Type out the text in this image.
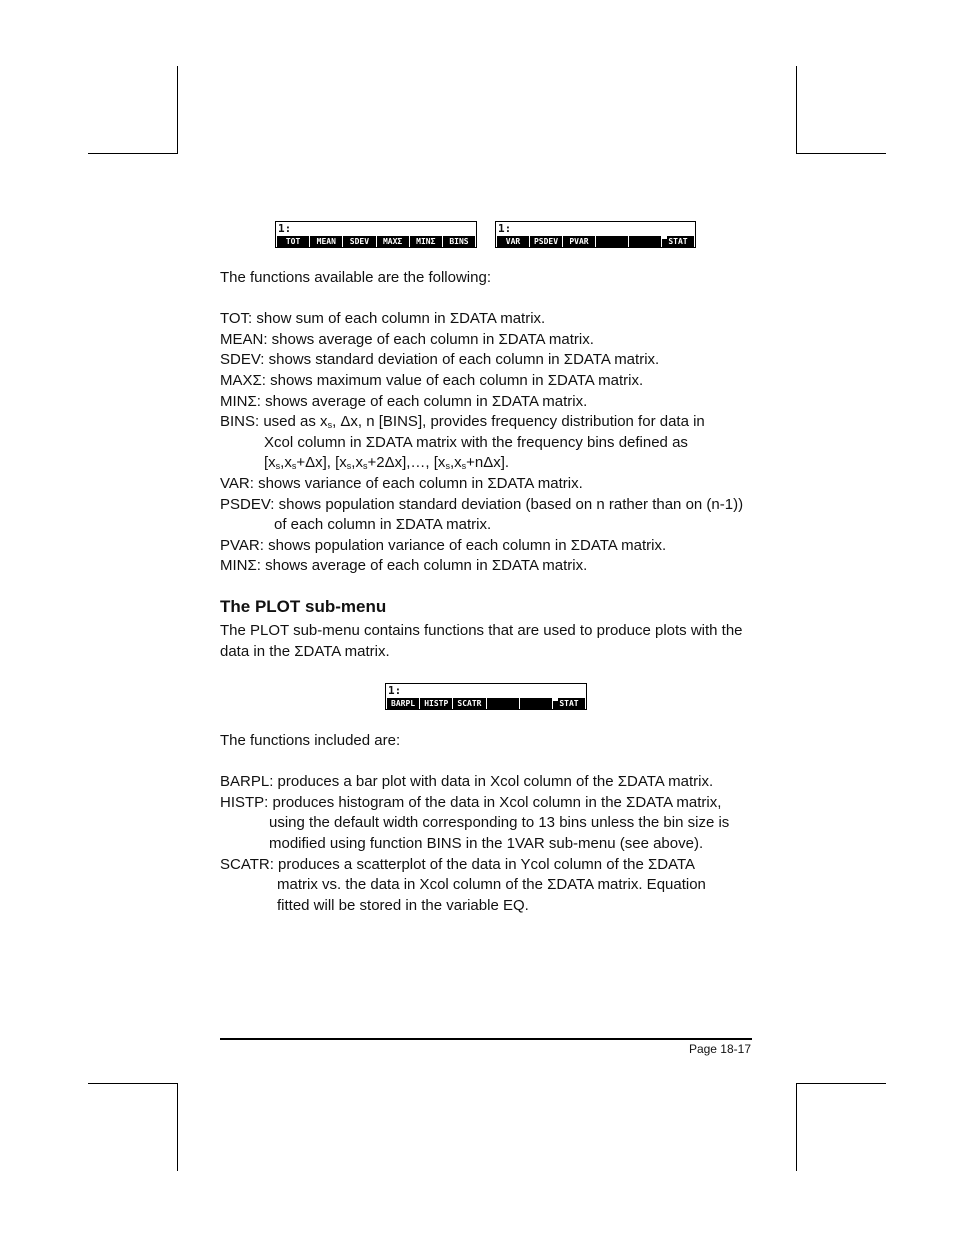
1:
TOT	MEAN	SDEV	MAXΣ	MINΣ	BINS
1:
VAR	PSDEV	PVAR	STAT

The functions available are the following:

TOT: show sum of each column in ΣDATA matrix.

MEAN: shows average of each column in ΣDATA matrix.

SDEV: shows standard deviation of each column in ΣDATA matrix.

MAXΣ: shows maximum value of each column in ΣDATA matrix.

MINΣ: shows average of each column in ΣDATA matrix.

BINS: used as $x_s$, Δx, n [BINS], provides frequency distribution for data in

Xcol column in ΣDATA matrix with the frequency bins defined as

$[x_s,x_s+\Delta x]$, $[x_s,x_s+2\Delta x],\dots$, $[x_s,x_s+n\Delta x]$.

VAR: shows variance of each column in ΣDATA matrix.

PSDEV: shows population standard deviation (based on n rather than on (n-1))

of each column in ΣDATA matrix.

PVAR: shows population variance of each column in ΣDATA matrix.

MINΣ: shows average of each column in ΣDATA matrix.

The PLOT sub-menu

The PLOT sub-menu contains functions that are used to produce plots with the

data in the ΣDATA matrix.

1:
BARPL	HISTP	SCATR	STAT

The functions included are:

BARPL: produces a bar plot with data in Xcol column of the ΣDATA matrix.

HISTP: produces histogram of the data in Xcol column in the ΣDATA matrix,

using the default width corresponding to 13 bins unless the bin size is

modified using function BINS in the 1VAR sub-menu (see above).

SCATR: produces a scatterplot of the data in Ycol column of the ΣDATA

matrix vs. the data in Xcol column of the ΣDATA matrix. Equation

fitted will be stored in the variable EQ.

Page 18-17
